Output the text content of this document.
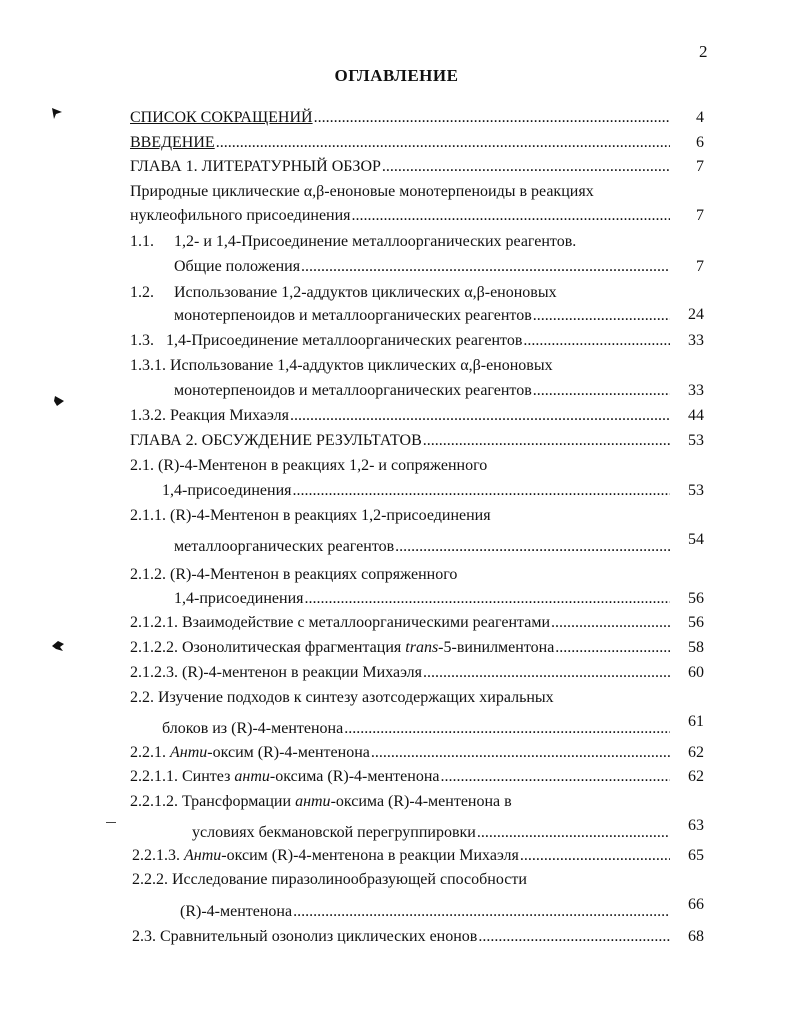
2
ОГЛАВЛЕНИЕ
СПИСОК СОКРАЩЕНИЙ .....	4
ВВЕДЕНИЕ .....	6
ГЛАВА 1. ЛИТЕРАТУРНЫЙ ОБЗОР .....	7
Природные циклические α,β-еноновые монотерпеноиды в реакциях
нуклеофильного присоединения .....	7
1.1. 1,2- и 1,4-Присоединение металлоорганических реагентов.
Общие положения .....	7
1.2. Использование 1,2-аддуктов циклических α,β-еноновых
монотерпеноидов и металлоорганических реагентов .....	24
1.3.   1,4-Присоединение металлоорганических реагентов .....	33
1.3.1. Использование 1,4-аддуктов циклических α,β-еноновых
монотерпеноидов и металлоорганических реагентов .....	33
1.3.2. Реакция Михаэля .....	44
ГЛАВА 2. ОБСУЖДЕНИЕ РЕЗУЛЬТАТОВ .....	53
2.1. (R)-4-Ментенон в реакциях 1,2- и сопряженного
1,4-присоединения .....	53
2.1.1. (R)-4-Ментенон в реакциях 1,2-присоединения
металлоорганических реагентов .....	54
2.1.2. (R)-4-Ментенон в реакциях сопряженного
1,4-присоединения .....	56
2.1.2.1. Взаимодействие с металлоорганическими реагентами .....	56
2.1.2.2. Озонолитическая фрагментация trans-5-винилментона .....	58
2.1.2.3. (R)-4-ментенон в реакции Михаэля .....	60
2.2. Изучение подходов к синтезу азотсодержащих хиральных
блоков из (R)-4-ментенона .....	61
2.2.1. Анти-оксим (R)-4-ментенона .....	62
2.2.1.1. Синтез анти-оксима (R)-4-ментенона .....	62
2.2.1.2. Трансформации анти-оксима (R)-4-ментенона в
условиях бекмановской перегруппировки .....	63
2.2.1.3. Анти-оксим (R)-4-ментенона в реакции Михаэля .....	65
2.2.2. Исследование пиразолинообразующей способности
(R)-4-ментенона .....	66
2.3. Сравнительный озонолиз циклических енонов .....	68
